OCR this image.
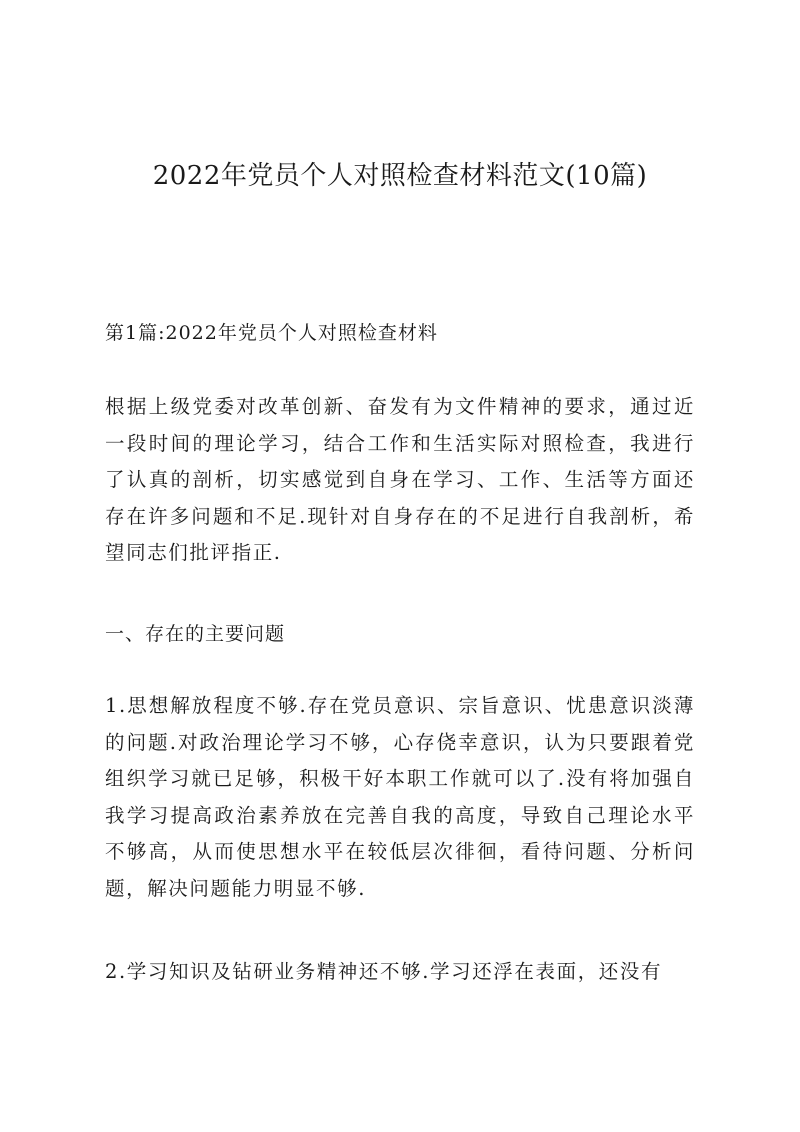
2022年党员个人对照检查材料范文(10篇)

第1篇:2022年党员个人对照检查材料

根据上级党委对改革创新、奋发有为文件精神的要求，通过近一段时间的理论学习，结合工作和生活实际对照检查，我进行了认真的剖析，切实感觉到自身在学习、工作、生活等方面还存在许多问题和不足.现针对自身存在的不足进行自我剖析，希望同志们批评指正.

一、存在的主要问题

1.思想解放程度不够.存在党员意识、宗旨意识、忧患意识淡薄的问题.对政治理论学习不够，心存侥幸意识，认为只要跟着党组织学习就已足够，积极干好本职工作就可以了.没有将加强自我学习提高政治素养放在完善自我的高度，导致自己理论水平不够高，从而使思想水平在较低层次徘徊，看待问题、分析问题，解决问题能力明显不够.

2.学习知识及钻研业务精神还不够.学习还浮在表面，还没有
